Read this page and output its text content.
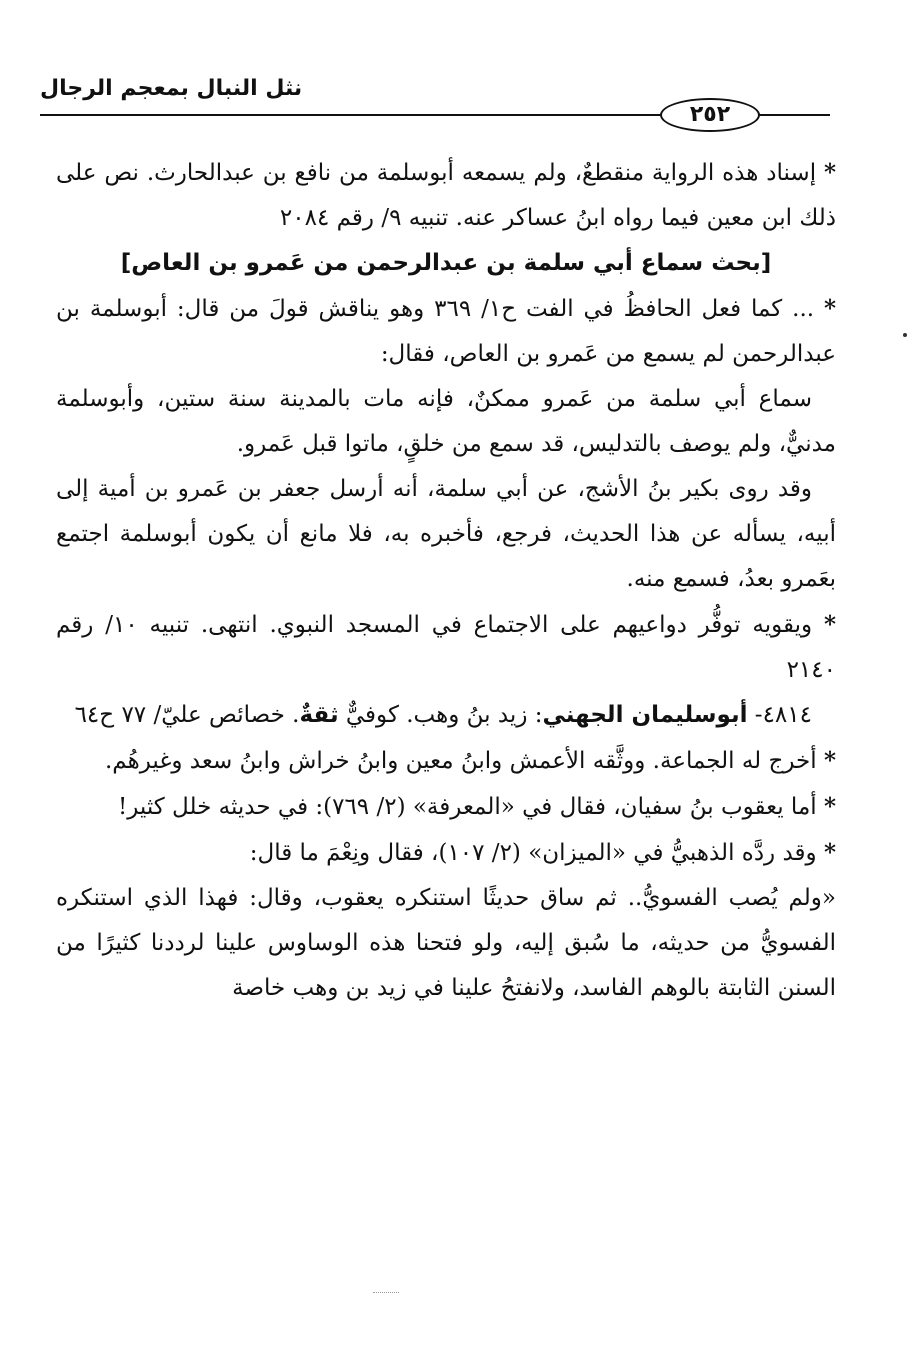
نثل النبال بمعجم الرجال
٢٥٢

* إسناد هذه الرواية منقطعٌ، ولم يسمعه أبوسلمة من نافع بن عبدالحارث. نص على ذلك ابن معين فيما رواه ابنُ عساكر عنه. تنبيه ٩/ رقم ٢٠٨٤

[بحث سماع أبي سلمة بن عبدالرحمن من عَمرو بن العاص]

* ... كما فعل الحافظُ في الفت ح١/ ٣٦٩ وهو يناقش قولَ من قال: أبوسلمة بن عبدالرحمن لم يسمع من عَمرو بن العاص، فقال:

سماع أبي سلمة من عَمرو ممكنٌ، فإنه مات بالمدينة سنة ستين، وأبوسلمة مدنيٌّ، ولم يوصف بالتدليس، قد سمع من خلقٍ، ماتوا قبل عَمرو.

وقد روى بكير بنُ الأشج، عن أبي سلمة، أنه أرسل جعفر بن عَمرو بن أمية إلى أبيه، يسأله عن هذا الحديث، فرجع، فأخبره به، فلا مانع أن يكون أبوسلمة اجتمع بعَمرو بعدُ، فسمع منه.

* ويقويه توفُّر دواعيهم على الاجتماع في المسجد النبوي. انتهى. تنبيه ١٠/ رقم ٢١٤٠

٤٨١٤- أبوسليمان الجهني: زيد بنُ وهب. كوفيٌّ ثقةٌ. خصائص عليّ/ ٧٧ ح٦٤

* أخرج له الجماعة. ووثَّقه الأعمش وابنُ معين وابنُ خراش وابنُ سعد وغيرهُم.

* أما يعقوب بنُ سفيان، فقال في «المعرفة» (٢/ ٧٦٩): في حديثه خلل كثير!

* وقد ردَّه الذهبيُّ في «الميزان» (٢/ ١٠٧)، فقال ونِعْمَ ما قال:

«ولم يُصب الفسويُّ.. ثم ساق حديثًا استنكره يعقوب، وقال: فهذا الذي استنكره الفسويُّ من حديثه، ما سُبق إليه، ولو فتحنا هذه الوساوس علينا لرددنا كثيرًا من السنن الثابتة بالوهم الفاسد، ولانفتحُ علينا في زيد بن وهب خاصة
